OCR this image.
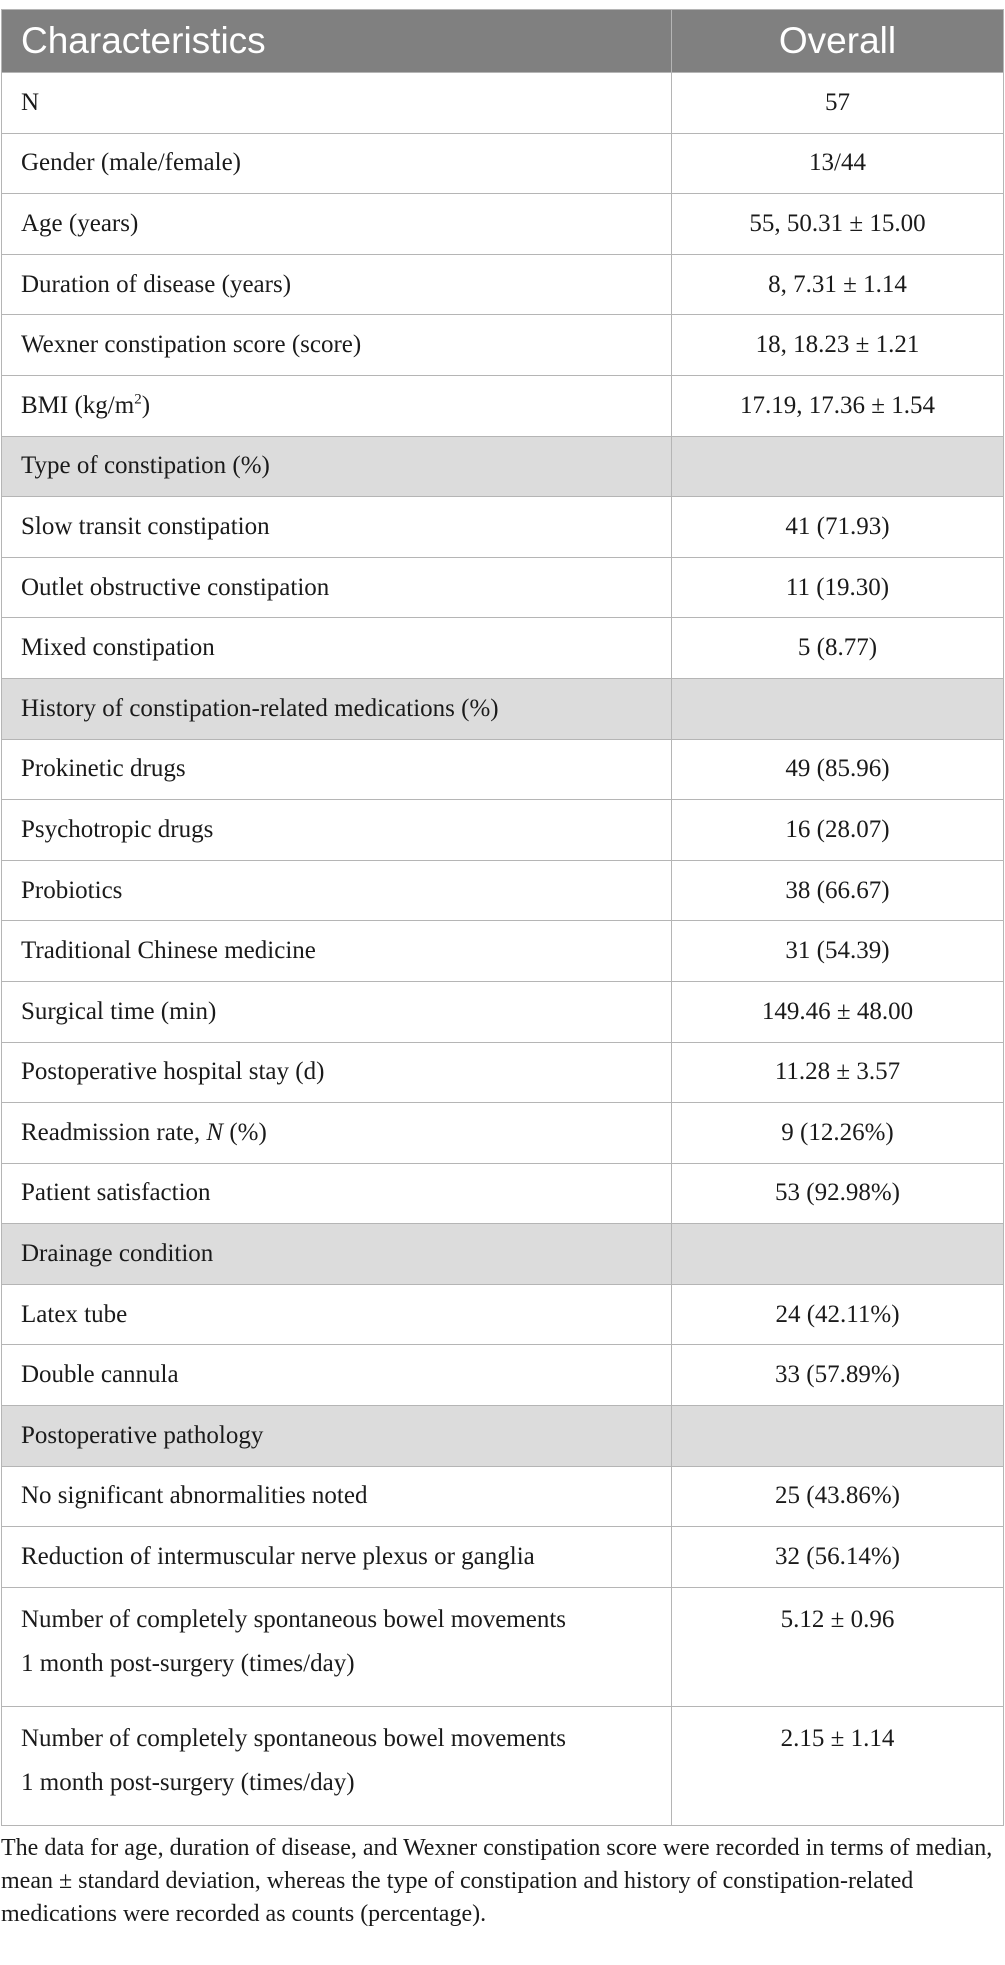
Characteristics	Overall
N	57
Gender (male/female)	13/44
Age (years)	55, 50.31 ± 15.00
Duration of disease (years)	8, 7.31 ± 1.14
Wexner constipation score (score)	18, 18.23 ± 1.21
BMI $(kg/m^2)$	17.19, 17.36 ± 1.54
Type of constipation (%)	
Slow transit constipation	41 (71.93)
Outlet obstructive constipation	11 (19.30)
Mixed constipation	5 (8.77)
History of constipation-related medications (%)	
Prokinetic drugs	49 (85.96)
Psychotropic drugs	16 (28.07)
Probiotics	38 (66.67)
Traditional Chinese medicine	31 (54.39)
Surgical time (min)	149.46 ± 48.00
Postoperative hospital stay (d)	11.28 ± 3.57
Readmission rate, N (%)	9 (12.26%)
Patient satisfaction	53 (92.98%)
Drainage condition	
Latex tube	24 (42.11%)
Double cannula	33 (57.89%)
Postoperative pathology	
No significant abnormalities noted	25 (43.86%)
Reduction of intermuscular nerve plexus or ganglia	32 (56.14%)
Number of completely spontaneous bowel movements
1 month post-surgery (times/day)	5.12 ± 0.96
Number of completely spontaneous bowel movements
1 month post-surgery (times/day)	2.15 ± 1.14
The data for age, duration of disease, and Wexner constipation score were recorded in terms of median, mean ± standard deviation, whereas the type of constipation and history of constipation-related medications were recorded as counts (percentage).
